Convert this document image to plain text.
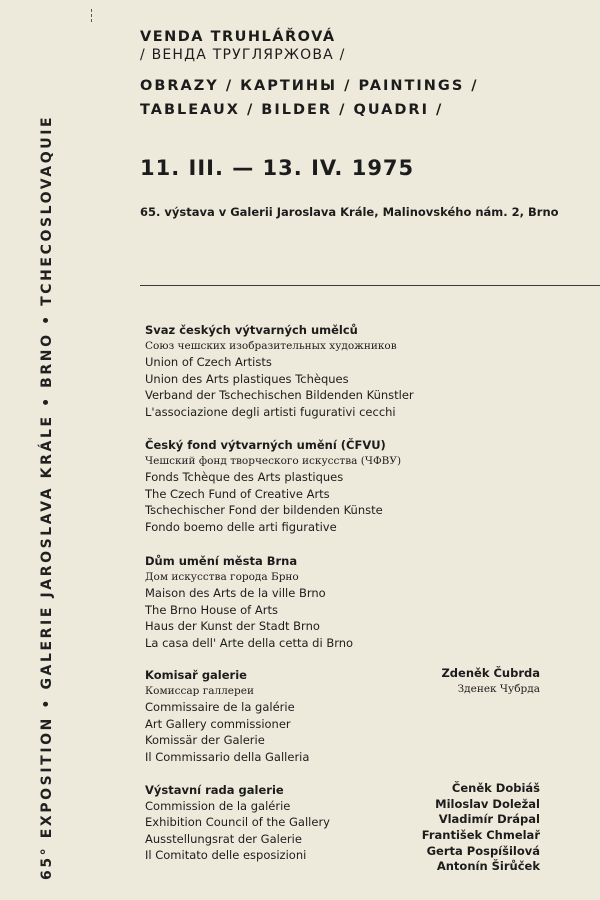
65° EXPOSITION • GALERIE JAROSLAVA KRÁLE • BRNO • TCHECOSLOVAQUIE

VENDA TRUHLÁŘOVÁ

/ ВЕНДА ТРУГЛЯРЖОВА /

OBRAZY / КАРТИНЫ / PAINTINGS /

TABLEAUX / BILDER / QUADRI /

11. III. — 13. IV. 1975

65. výstava v Galerii Jaroslava Krále, Malinovského nám. 2, Brno

Svaz českých výtvarných umělců

Союз чешских изобразительных художников

Union of Czech Artists

Union des Arts plastiques Tchèques

Verband der Tschechischen Bildenden Künstler

L'associazione degli artisti fugurativi cecchi

Český fond výtvarných umění (ČFVU)

Чешский фонд творческого искусства (ЧФВУ)

Fonds Tchèque des Arts plastiques

The Czech Fund of Creative Arts

Tschechischer Fond der bildenden Künste

Fondo boemo delle arti figurative

Dům umění města Brna

Дом искусства города Брно

Maison des Arts de la ville Brno

The Brno House of Arts

Haus der Kunst der Stadt Brno

La casa dell' Arte della cetta di Brno

Komisař galerie

Комиссар галлереи

Commissaire de la galérie

Art Gallery commissioner

Komissär der Galerie

Il Commissario della Galleria

Zdeněk Čubrda

Зденек Чубрда

Výstavní rada galerie

Commission de la galérie

Exhibition Council of the Gallery

Ausstellungsrat der Galerie

Il Comitato delle esposizioni

Čeněk Dobiáš

Miloslav Doležal

Vladimír Drápal

František Chmelař

Gerta Pospíšilová

Antonín Širůček
